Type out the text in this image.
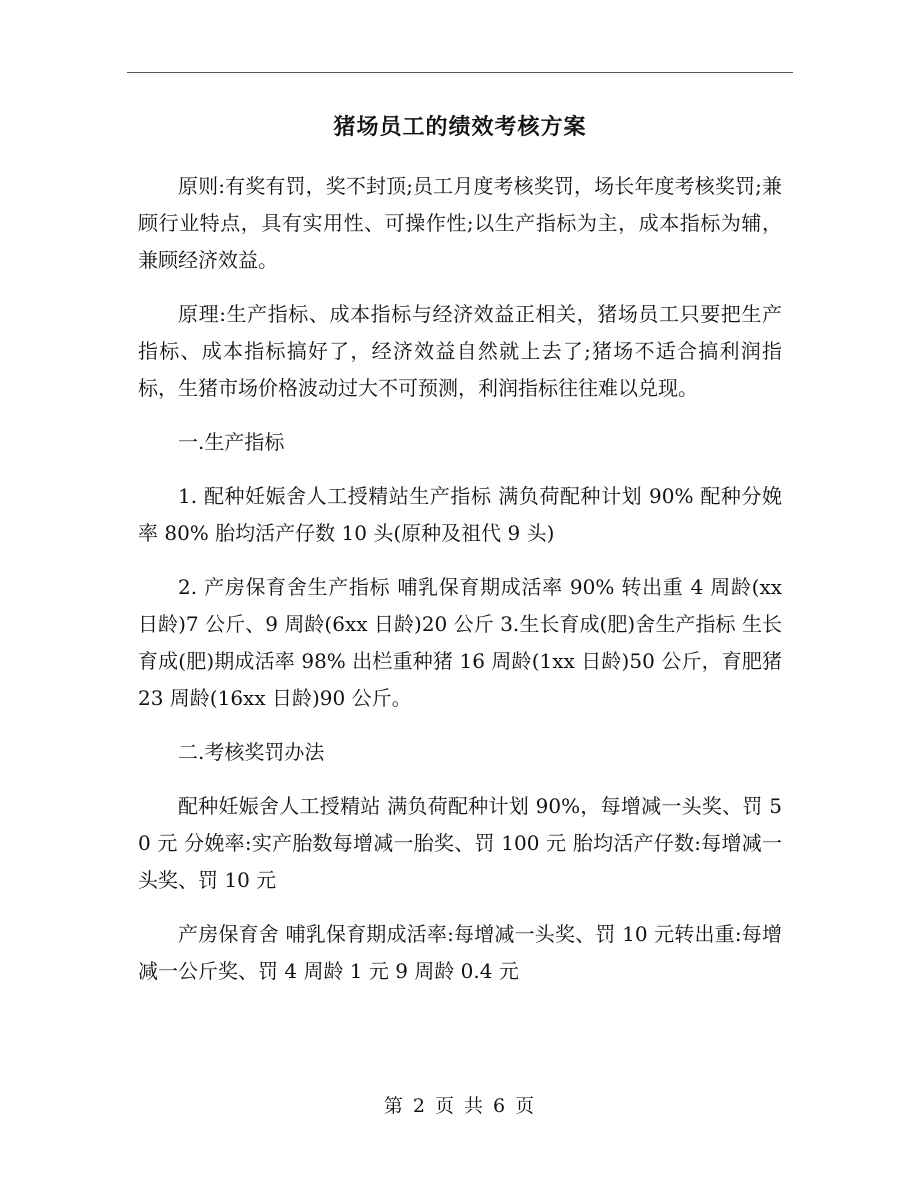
猪场员工的绩效考核方案

原则:有奖有罚，奖不封顶;员工月度考核奖罚，场长年度考核奖罚;兼顾行业特点，具有实用性、可操作性;以生产指标为主，成本指标为辅，兼顾经济效益。

原理:生产指标、成本指标与经济效益正相关，猪场员工只要把生产指标、成本指标搞好了，经济效益自然就上去了;猪场不适合搞利润指标，生猪市场价格波动过大不可预测，利润指标往往难以兑现。

一.生产指标

1. 配种妊娠舍人工授精站生产指标 满负荷配种计划 90% 配种分娩率 80% 胎均活产仔数 10 头(原种及祖代 9 头)

2. 产房保育舍生产指标 哺乳保育期成活率 90% 转出重 4 周龄(xx 日龄)7 公斤、9 周龄(6xx 日龄)20 公斤 3.生长育成(肥)舍生产指标 生长育成(肥)期成活率 98% 出栏重种猪 16 周龄(1xx 日龄)50 公斤，育肥猪 23 周龄(16xx 日龄)90 公斤。

二.考核奖罚办法

配种妊娠舍人工授精站 满负荷配种计划 90%，每增减一头奖、罚 50 元 分娩率:实产胎数每增减一胎奖、罚 100 元 胎均活产仔数:每增减一头奖、罚 10 元

产房保育舍 哺乳保育期成活率:每增减一头奖、罚 10 元转出重:每增减一公斤奖、罚 4 周龄 1 元 9 周龄 0.4 元

第 2 页 共 6 页
